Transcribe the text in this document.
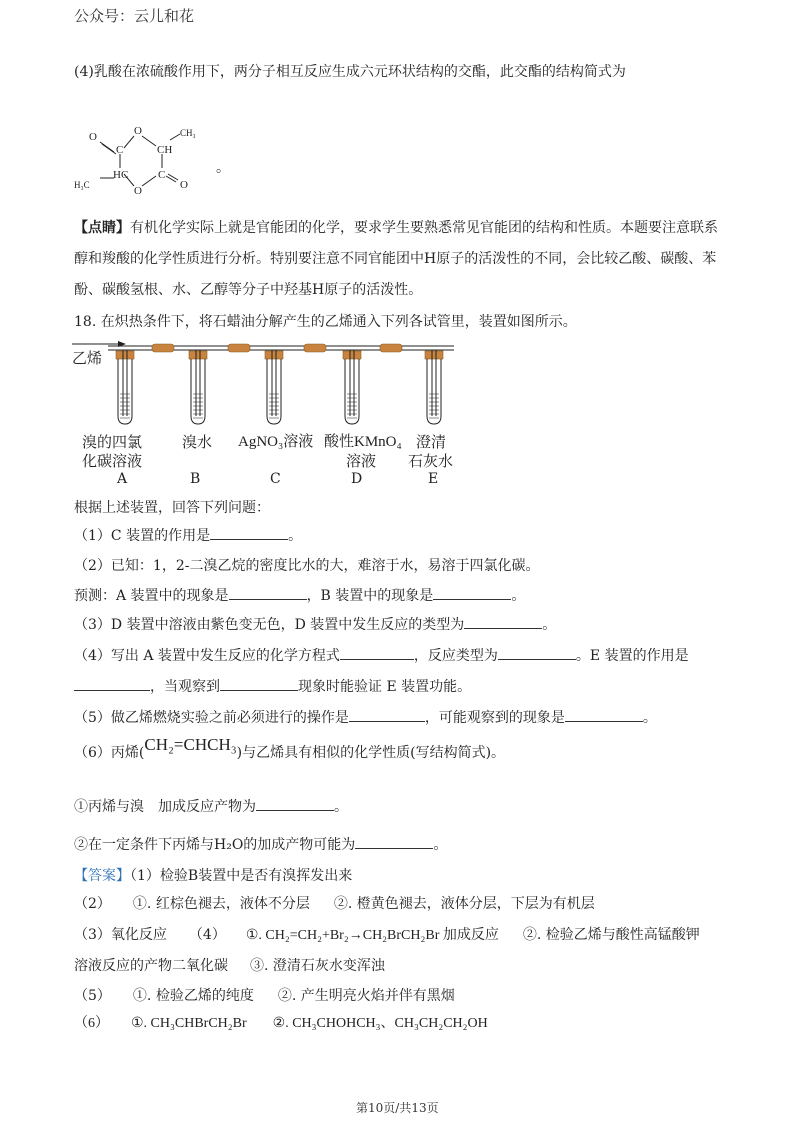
公众号：云儿和花
(4)乳酸在浓硫酸作用下，两分子相互反应生成六元环状结构的交酯，此交酯的结构简式为
O
C
O
CH
CH₃
HC
H₃C	O
C
O
。
【点睛】有机化学实际上就是官能团的化学，要求学生要熟悉常见官能团的结构和性质。本题要注意联系
醇和羧酸的化学性质进行分析。特别要注意不同官能团中H原子的活泼性的不同，会比较乙酸、碳酸、苯
酚、碳酸氢根、水、乙醇等分子中羟基H原子的活泼性。
18. 在炽热条件下，将石蜡油分解产生的乙烯通入下列各试管里，装置如图所示。
溴的四氯
化碳溶液
A
溴水
B
AgNO₃溶液
C
酸性KMnO₄
溶液
D
澄清
石灰水
E
乙烯
根据上述装置，回答下列问题：
（1）C 装置的作用是	。
（2）已知：1，2-二溴乙烷的密度比水的大，难溶于水，易溶于四氯化碳。
预测：A 装置中的现象是	，B 装置中的现象是	。
（3）D 装置中溶液由紫色变无色，D 装置中发生反应的类型为	。
（4）写出 A 装置中发生反应的化学方程式	，反应类型为	。E 装置的作用是
，当观察到	现象时能验证 E 装置功能。
（5）做乙烯燃烧实验之前必须进行的操作是	，可能观察到的现象是	。
（6）丙烯(CH₂=CHCH₃)与乙烯具有相似的化学性质(写结构简式)。
①丙烯与溴　加成反应产物为	。
②在一定条件下丙烯与H₂O的加成产物可能为	。
【答案】（1）检验B装置中是否有溴挥发出来
（2） ①. 红棕色褪去，液体不分层 ②. 橙黄色褪去，液体分层，下层为有机层
（3）氧化反应 （4） ①. CH₂=CH₂+Br₂→CH₂BrCH₂Br 加成反应 ②. 检验乙烯与酸性高锰酸钾
溶液反应的产物二氧化碳 ③. 澄清石灰水变浑浊
（5） ①. 检验乙烯的纯度 ②. 产生明亮火焰并伴有黑烟
（6） ①. CH₃CHBrCH₂Br ②. CH₃CHOHCH₃、CH₃CH₂CH₂OH
第10页/共13页
